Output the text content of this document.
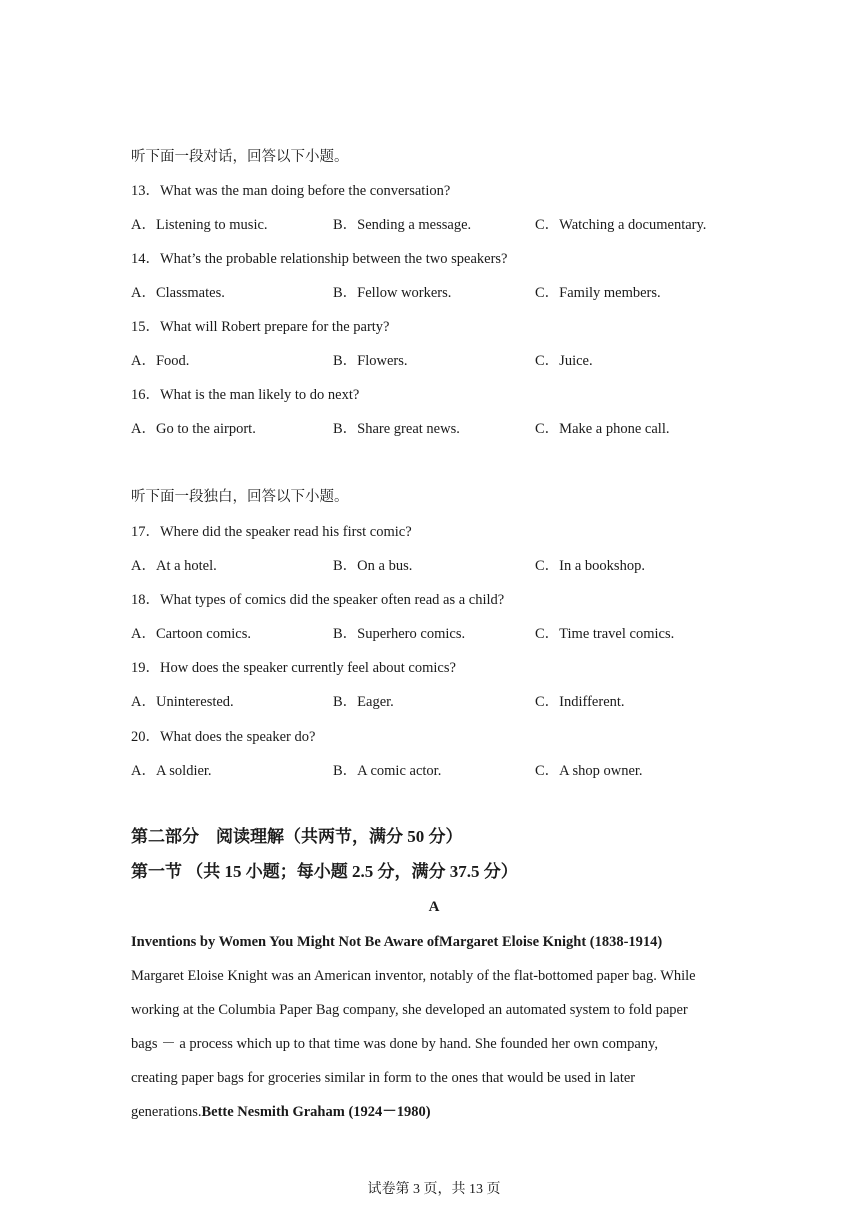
听下面一段对话，回答以下小题。
13．What was the man doing before the conversation?
A．Listening to music.	B．Sending a message.	C．Watching a documentary.
14．What’s the probable relationship between the two speakers?
A．Classmates.	B．Fellow workers.	C．Family members.
15．What will Robert prepare for the party?
A．Food.	B．Flowers.	C．Juice.
16．What is the man likely to do next?
A．Go to the airport.	B．Share great news.	C．Make a phone call.
听下面一段独白，回答以下小题。
17．Where did the speaker read his first comic?
A．At a hotel.	B．On a bus.	C．In a bookshop.
18．What types of comics did the speaker often read as a child?
A．Cartoon comics.	B．Superhero comics.	C．Time travel comics.
19．How does the speaker currently feel about comics?
A．Uninterested.	B．Eager.	C．Indifferent.
20．What does the speaker do?
A．A soldier.	B．A comic actor.	C．A shop owner.
第二部分　阅读理解（共两节，满分 50 分）
第一节 （共 15 小题；每小题 2.5 分，满分 37.5 分）
A
Inventions by Women You Might Not Be Aware ofMargaret Eloise Knight (1838-1914)
Margaret Eloise Knight was an American inventor, notably of the flat-bottomed paper bag. While
working at the Columbia Paper Bag company, she developed an automated system to fold paper
bags － a process which up to that time was done by hand. She founded her own company,
creating paper bags for groceries similar in form to the ones that would be used in later
generations.Bette Nesmith Graham (1924－1980)
试卷第 3 页，共 13 页
